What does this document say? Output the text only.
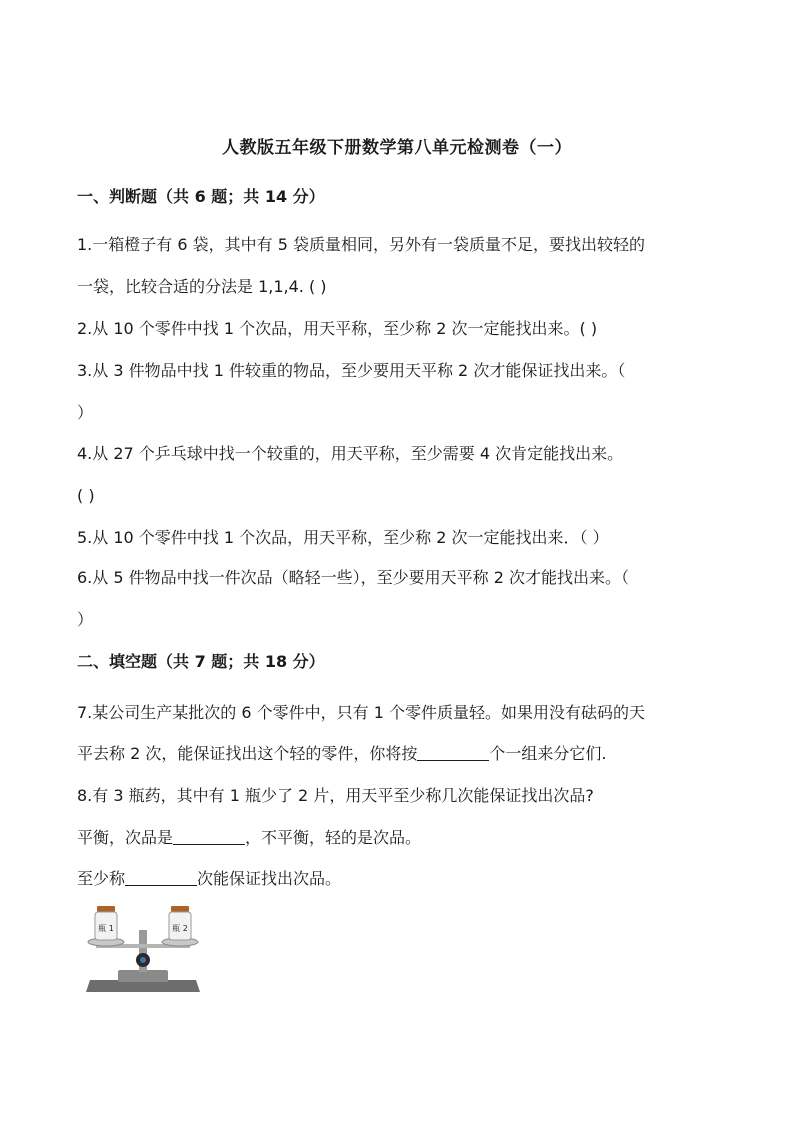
人教版五年级下册数学第八单元检测卷（一）
一、判断题（共 6 题；共 14 分）
1.一箱橙子有 6 袋，其中有 5 袋质量相同，另外有一袋质量不足，要找出较轻的
一袋，比较合适的分法是 1,1,4. ( )
2.从 10 个零件中找 1 个次品，用天平称，至少称 2 次一定能找出来。( )
3.从 3 件物品中找 1 件较重的物品，至少要用天平称 2 次才能保证找出来。（
）
4.从 27 个乒乓球中找一个较重的，用天平称，至少需要 4 次肯定能找出来。
( )
5.从 10 个零件中找 1 个次品，用天平称，至少称 2 次一定能找出来．（ ）
6.从 5 件物品中找一件次品（略轻一些），至少要用天平称 2 次才能找出来。（
）
二、填空题（共 7 题；共 18 分）
7.某公司生产某批次的 6 个零件中，只有 1 个零件质量轻。如果用没有砝码的天
平去称 2 次，能保证找出这个轻的零件，你将按	个一组来分它们.
8.有 3 瓶药，其中有 1 瓶少了 2 片，用天平至少称几次能保证找出次品?
平衡，次品是	，不平衡，轻的是次品。
至少称	次能保证找出次品。
瓶 1	瓶 2
